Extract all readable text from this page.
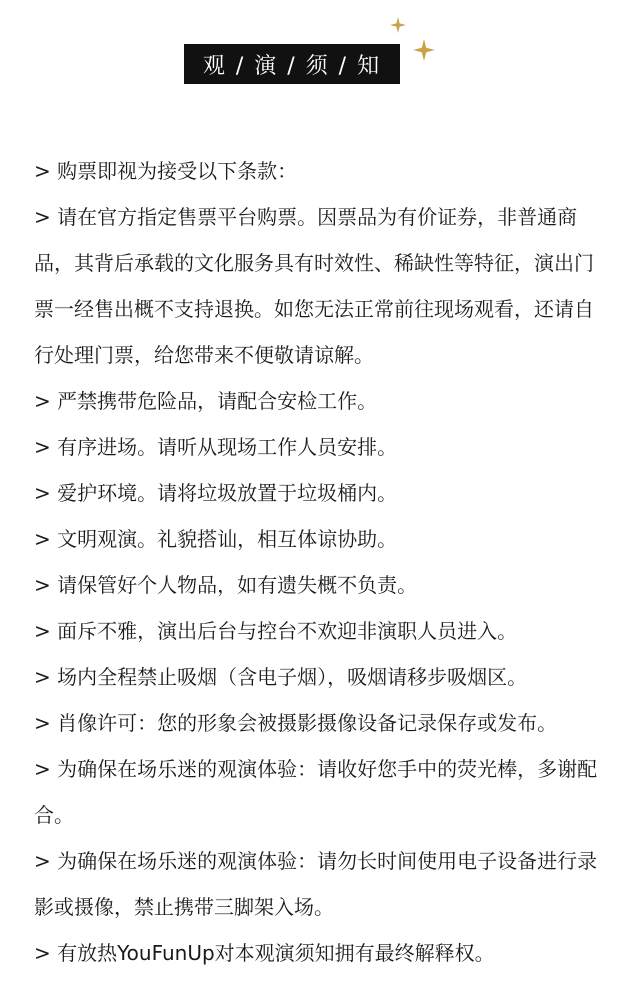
观 / 演 / 须 / 知
> 购票即视为接受以下条款：
> 请在官方指定售票平台购票。因票品为有价证券，非普通商品，其背后承载的文化服务具有时效性、稀缺性等特征，演出门票一经售出概不支持退换。如您无法正常前往现场观看，还请自行处理门票，给您带来不便敬请谅解。
> 严禁携带危险品，请配合安检工作。
> 有序进场。请听从现场工作人员安排。
> 爱护环境。请将垃圾放置于垃圾桶内。
> 文明观演。礼貌搭讪，相互体谅协助。
> 请保管好个人物品，如有遗失概不负责。
> 面斥不雅，演出后台与控台不欢迎非演职人员进入。
> 场内全程禁止吸烟（含电子烟），吸烟请移步吸烟区。
> 肖像许可：您的形象会被摄影摄像设备记录保存或发布。
> 为确保在场乐迷的观演体验：请收好您手中的荧光棒，多谢配合。
> 为确保在场乐迷的观演体验：请勿长时间使用电子设备进行录影或摄像，禁止携带三脚架入场。
> 有放热YouFunUp对本观演须知拥有最终解释权。
